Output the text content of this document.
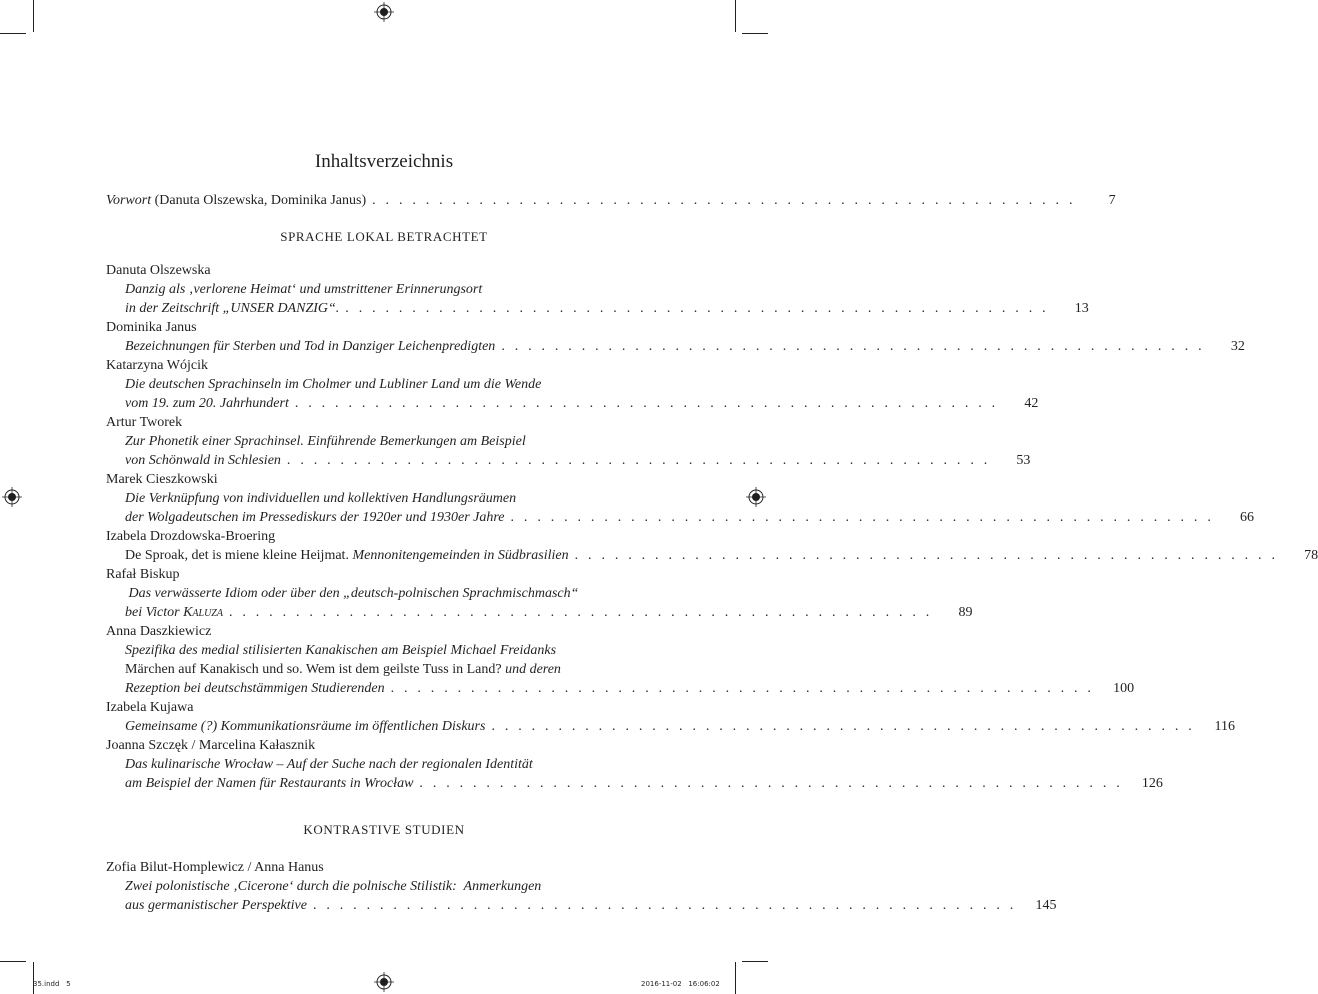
Inhaltsverzeichnis
Vorwort (Danuta Olszewska, Dominika Janus) . . . . . . . . . . . . . . . . . . . . . . . . . . . . . . . . . . . . . . . . . . . . . . . . . . . . .	7
SPRACHE LOKAL BETRACHTET
Danuta Olszewska
Danzig als ‚verlorene Heimat‘ und umstrittener Erinnerungsort
in der Zeitschrift „UNSER DANZIG“. . . . . . . . . . . . . . . . . . . . . . . . . . . . . . . . . . . . . . . . . . . . . . . . . . . . . .	13
Dominika Janus
Bezeichnungen für Sterben und Tod in Danziger Leichenpredigten . . . . . . . . . . . . . . . . . . . . . . . . . . . . . . . . . . . . . . . . . . . . . . . . . . . . .	32
Katarzyna Wójcik
Die deutschen Sprachinseln im Cholmer und Lubliner Land um die Wende
vom 19. zum 20. Jahrhundert . . . . . . . . . . . . . . . . . . . . . . . . . . . . . . . . . . . . . . . . . . . . . . . . . . . . .	42
Artur Tworek
Zur Phonetik einer Sprachinsel. Einführende Bemerkungen am Beispiel
von Schönwald in Schlesien . . . . . . . . . . . . . . . . . . . . . . . . . . . . . . . . . . . . . . . . . . . . . . . . . . . . .	53
Marek Cieszkowski
Die Verknüpfung von individuellen und kollektiven Handlungsräumen
der Wolgadeutschen im Pressediskurs der 1920er und 1930er Jahre . . . . . . . . . . . . . . . . . . . . . . . . . . . . . . . . . . . . . . . . . . . . . . . . . . . . .	66
Izabela Drozdowska-Broering
De Sproak, det is miene kleine Heijmat. Mennonitengemeinden in Südbrasilien . . . . . . . . . . . . . . . . . . . . . . . . . . . . . . . . . . . . . . . . . . . . . . . . . . . . .	78
Rafał Biskup
Das verwässerte Idiom oder über den „deutsch-polnischen Sprachmischmasch“
bei Victor Kaluza . . . . . . . . . . . . . . . . . . . . . . . . . . . . . . . . . . . . . . . . . . . . . . . . . . . . .	89
Anna Daszkiewicz
Spezifika des medial stilisierten Kanakischen am Beispiel Michael Freidanks
Märchen auf Kanakisch und so. Wem ist dem geilste Tuss in Land? und deren
Rezeption bei deutschstämmigen Studierenden . . . . . . . . . . . . . . . . . . . . . . . . . . . . . . . . . . . . . . . . . . . . . . . . . . . . .	100
Izabela Kujawa
Gemeinsame (?) Kommunikationsräume im öffentlichen Diskurs . . . . . . . . . . . . . . . . . . . . . . . . . . . . . . . . . . . . . . . . . . . . . . . . . . . . .	116
Joanna Szczęk / Marcelina Kałasznik
Das kulinarische Wrocław – Auf der Suche nach der regionalen Identität
am Beispiel der Namen für Restaurants in Wrocław . . . . . . . . . . . . . . . . . . . . . . . . . . . . . . . . . . . . . . . . . . . . . . . . . . . . .	126
KONTRASTIVE STUDIEN
Zofia Bilut-Homplewicz / Anna Hanus
Zwei polonistische ‚Cicerone‘ durch die polnische Stilistik:  Anmerkungen
aus germanistischer Perspektive . . . . . . . . . . . . . . . . . . . . . . . . . . . . . . . . . . . . . . . . . . . . . . . . . . . . .	145
35.indd   5	2016-11-02   16:06:02
